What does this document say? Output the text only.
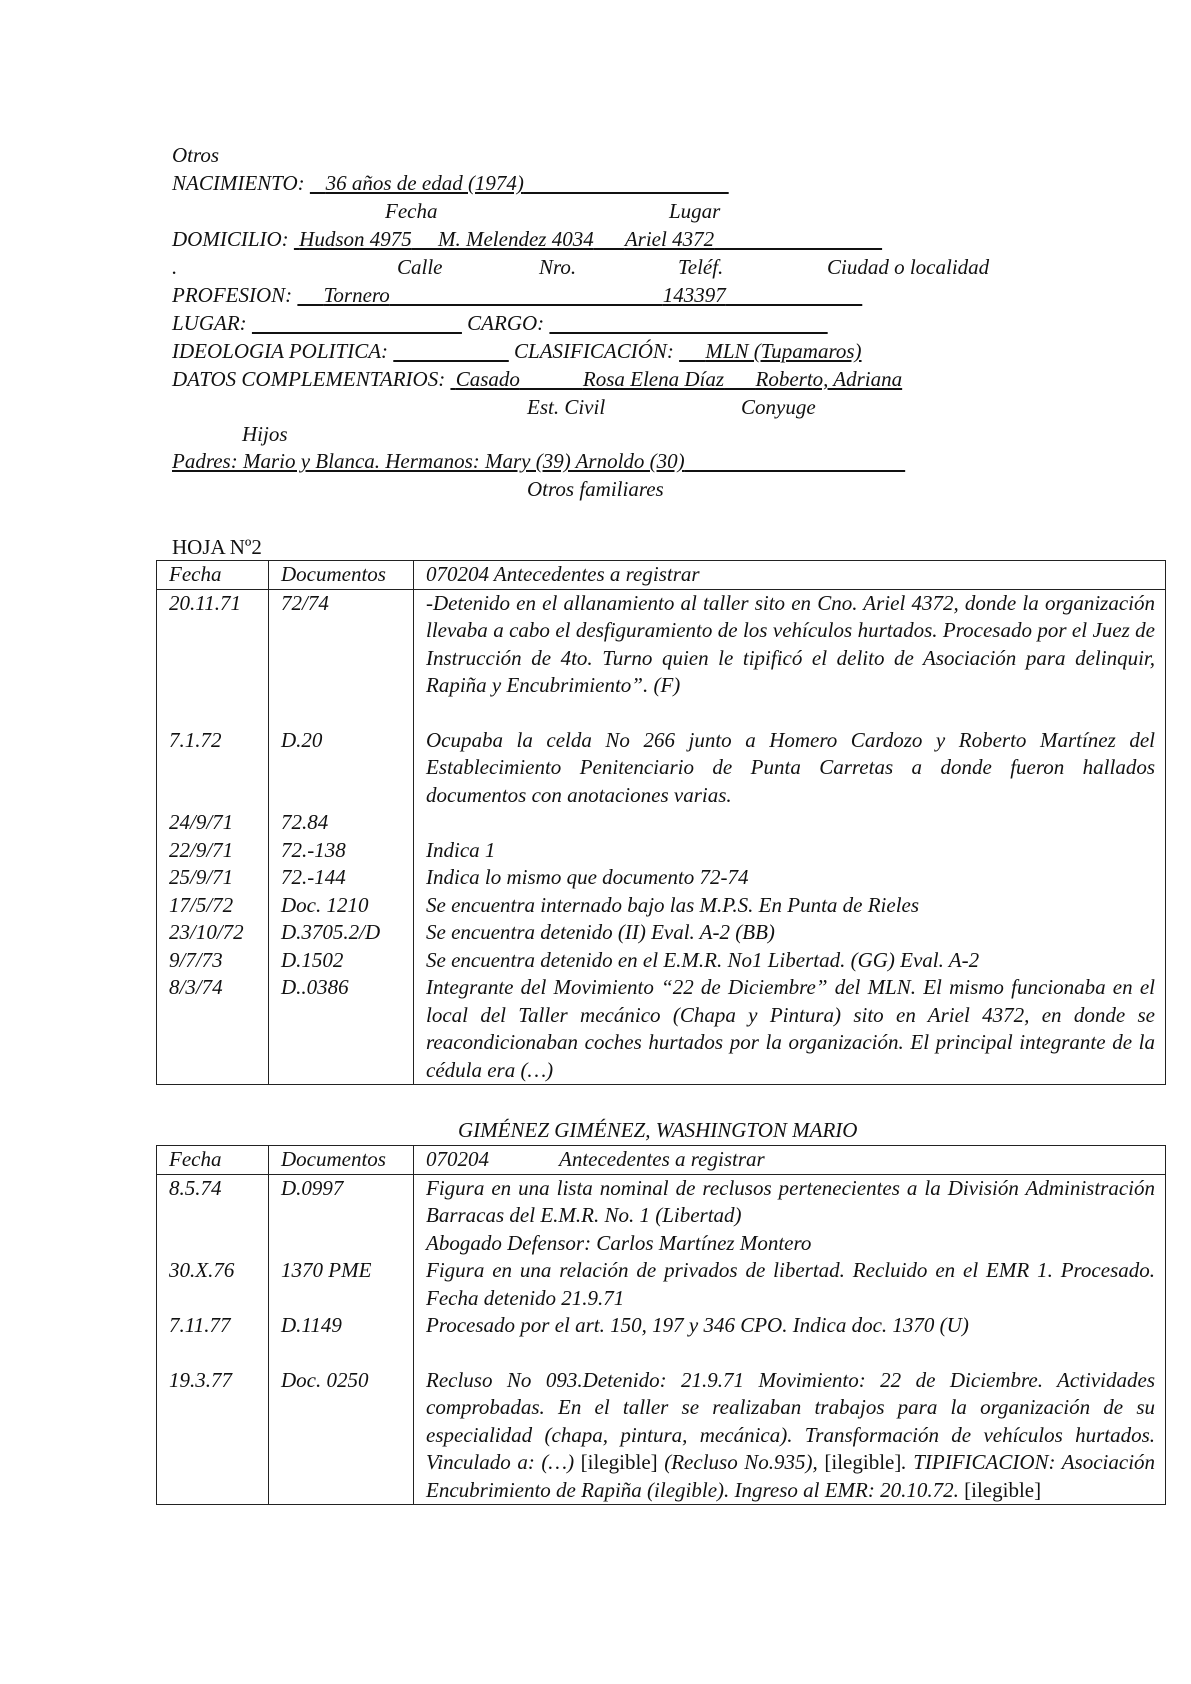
Otros
NACIMIENTO: 36 años de edad (1974)
Fecha	Lugar
DOMICILIO: Hudson 4975 M. Melendez 4034 Ariel 4372
.	Calle	Nro.	Teléf.	Ciudad o localidad
PROFESION: Tornero	143397
LUGAR:	CARGO:
IDEOLOGIA POLITICA:	CLASIFICACIÓN: MLN (Tupamaros)
DATOS COMPLEMENTARIOS: Casado	Rosa Elena Díaz Roberto, Adriana
Est. Civil	Conyuge
Hijos
Padres: Mario y Blanca. Hermanos: Mary (39) Arnoldo (30)
Otros familiares
HOJA Nº2
Fecha	Documentos	070204 Antecedentes a registrar
20.11.71	72/74	-Detenido en el allanamiento al taller sito en Cno. Ariel 4372, donde la organización llevaba a cabo el desfiguramiento de los vehículos hurtados. Procesado por el Juez de Instrucción de 4to. Turno quien le tipificó el delito de Asociación para delinquir, Rapiña y Encubrimiento”. (F)

7.1.72	D.20	Ocupaba la celda No 266 junto a Homero Cardozo y Roberto Martínez del Establecimiento Penitenciario de Punta Carretas a donde fueron hallados documentos con anotaciones varias.
24/9/71	72.84	
22/9/71	72.-138	Indica 1
25/9/71	72.-144	Indica lo mismo que documento 72-74
17/5/72	Doc. 1210	Se encuentra internado bajo las M.P.S. En Punta de Rieles
23/10/72	D.3705.2/D	Se encuentra detenido (II) Eval. A-2 (BB)
9/7/73	D.1502	Se encuentra detenido en el E.M.R. No1 Libertad. (GG) Eval. A-2
8/3/74	D..0386	Integrante del Movimiento “22 de Diciembre” del MLN. El mismo funcionaba en el local del Taller mecánico (Chapa y Pintura) sito en Ariel 4372, en donde se reacondicionaban coches hurtados por la organización. El principal integrante de la cédula era (…)
GIMÉNEZ GIMÉNEZ, WASHINGTON MARIO
Fecha	Documentos	070204 Antecedentes a registrar
8.5.74	D.0997	Figura en una lista nominal de reclusos pertenecientes a la División Administración Barracas del E.M.R. No. 1 (Libertad)
Abogado Defensor: Carlos Martínez Montero

30.X.76	1370 PME	Figura en una relación de privados de libertad. Recluido en el EMR 1. Procesado. Fecha detenido 21.9.71
7.11.77	D.1149	Procesado por el art. 150, 197 y 346 CPO. Indica doc. 1370 (U)

19.3.77	Doc. 0250	Recluso No 093.Detenido: 21.9.71 Movimiento: 22 de Diciembre. Actividades comprobadas. En el taller se realizaban trabajos para la organización de su especialidad (chapa, pintura, mecánica). Transformación de vehículos hurtados. Vinculado a: (…) [ilegible] (Recluso No.935), [ilegible]. TIPIFICACION: Asociación Encubrimiento de Rapiña (ilegible). Ingreso al EMR: 20.10.72. [ilegible]
